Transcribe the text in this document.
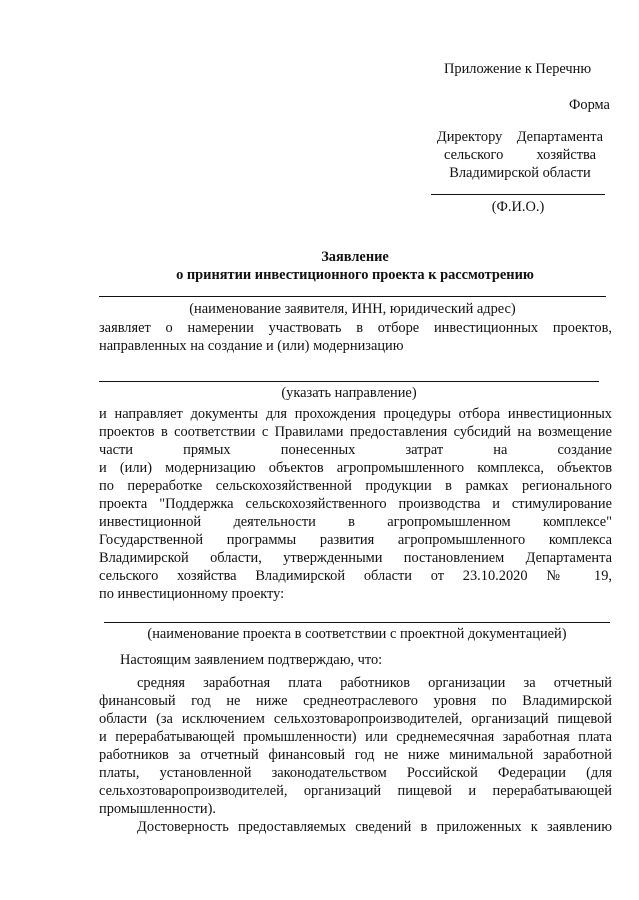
Приложение к Перечню
Форма
Директору    Департамента
сельского хозяйства
Владимирской области
(Ф.И.О.)
Заявление
о принятии инвестиционного проекта к рассмотрению
(наименование заявителя, ИНН, юридический адрес)
заявляет о намерении участвовать в отборе инвестиционных проектов,
направленных на создание и (или) модернизацию
(указать направление)
и направляет документы для прохождения процедуры отбора инвестиционных
проектов в соответствии с Правилами предоставления субсидий на возмещение
части прямых понесенных затрат на создание
и (или) модернизацию объектов агропромышленного комплекса, объектов
по переработке сельскохозяйственной продукции в рамках регионального
проекта "Поддержка сельскохозяйственного производства и стимулирование
инвестиционной деятельности в агропромышленном комплексе"
Государственной программы развития агропромышленного комплекса
Владимирской области, утвержденными постановлением Департамента
сельского хозяйства Владимирской области от 23.10.2020 № 19,
по инвестиционному проекту:
(наименование проекта в соответствии с проектной документацией)
Настоящим заявлением подтверждаю, что:
средняя заработная плата работников организации за отчетный
финансовый год не ниже среднеотраслевого уровня по Владимирской
области (за исключением сельхозтоваропроизводителей, организаций пищевой
и перерабатывающей промышленности) или среднемесячная заработная плата
работников за отчетный финансовый год не ниже минимальной заработной
платы, установленной законодательством Российской Федерации (для
сельхозтоваропроизводителей, организаций пищевой и перерабатывающей
промышленности).
Достоверность предоставляемых сведений в приложенных к заявлению
